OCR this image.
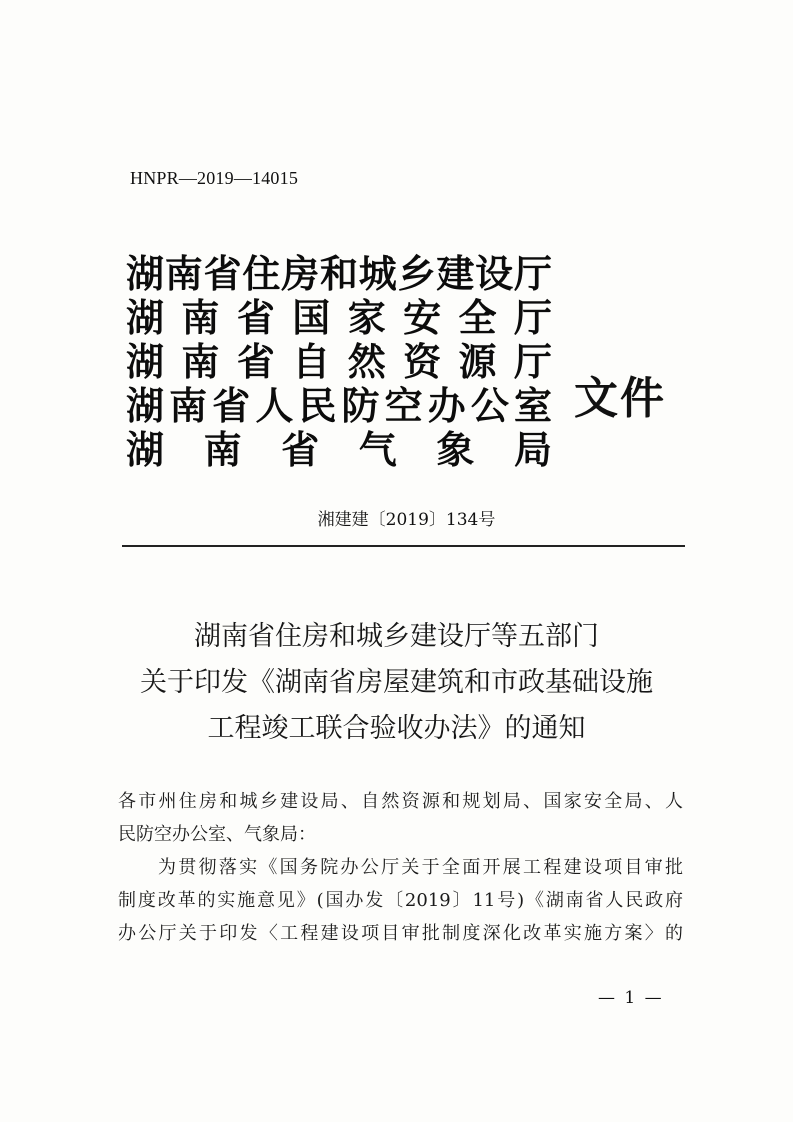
HNPR—2019—14015
湖南省住房和城乡建设厅
湖南省国家安全厅
湖南省自然资源厅
湖南省人民防空办公室
湖南省气象局
文件
湘建建〔2019〕134号
湖南省住房和城乡建设厅等五部门
关于印发《湖南省房屋建筑和市政基础设施
工程竣工联合验收办法》的通知

各市州住房和城乡建设局、自然资源和规划局、国家安全局、人

民防空办公室、气象局：

为贯彻落实《国务院办公厅关于全面开展工程建设项目审批

制度改革的实施意见》(国办发〔2019〕11号)《湖南省人民政府

办公厅关于印发〈工程建设项目审批制度深化改革实施方案〉的

— 1 —
